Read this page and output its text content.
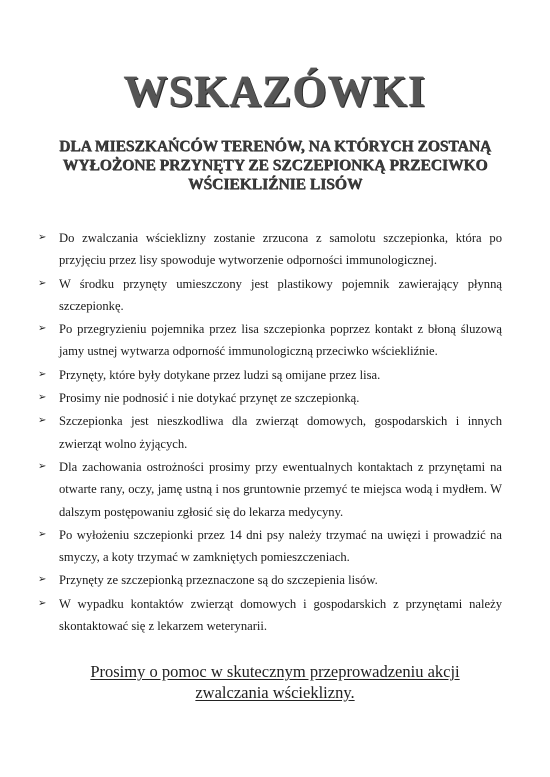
WSKAZÓWKI
DLA MIESZKAŃCÓW TERENÓW, NA KTÓRYCH ZOSTANĄ
WYŁOŻONE PRZYNĘTY ZE SZCZEPIONKĄ PRZECIWKO
WŚCIEKLIŹNIE LISÓW
➢ Do zwalczania wścieklizny zostanie zrzucona z samolotu szczepionka, która po przyjęciu przez lisy spowoduje wytworzenie odporności immunologicznej.
➢ W środku przynęty umieszczony jest plastikowy pojemnik zawierający płynną szczepionkę.
➢ Po przegryzieniu pojemnika przez lisa szczepionka poprzez kontakt z błoną śluzową jamy ustnej wytwarza odporność immunologiczną przeciwko wściekliźnie.
➢ Przynęty, które były dotykane przez ludzi są omijane przez lisa.
➢ Prosimy nie podnosić i nie dotykać przynęt ze szczepionką.
➢ Szczepionka jest nieszkodliwa dla zwierząt domowych, gospodarskich i innych zwierząt wolno żyjących.
➢ Dla zachowania ostrożności prosimy przy ewentualnych kontaktach z przynętami na otwarte rany, oczy, jamę ustną i nos gruntownie przemyć te miejsca wodą i mydłem. W dalszym postępowaniu zgłosić się do lekarza medycyny.
➢ Po wyłożeniu szczepionki przez 14 dni psy należy trzymać na uwięzi i prowadzić na smyczy, a koty trzymać w zamkniętych pomieszczeniach.
➢ Przynęty ze szczepionką przeznaczone są do szczepienia lisów.
➢ W wypadku kontaktów zwierząt domowych i gospodarskich z przynętami należy skontaktować się z lekarzem weterynarii.
Prosimy o pomoc w skutecznym przeprowadzeniu akcji
zwalczania wścieklizny.
